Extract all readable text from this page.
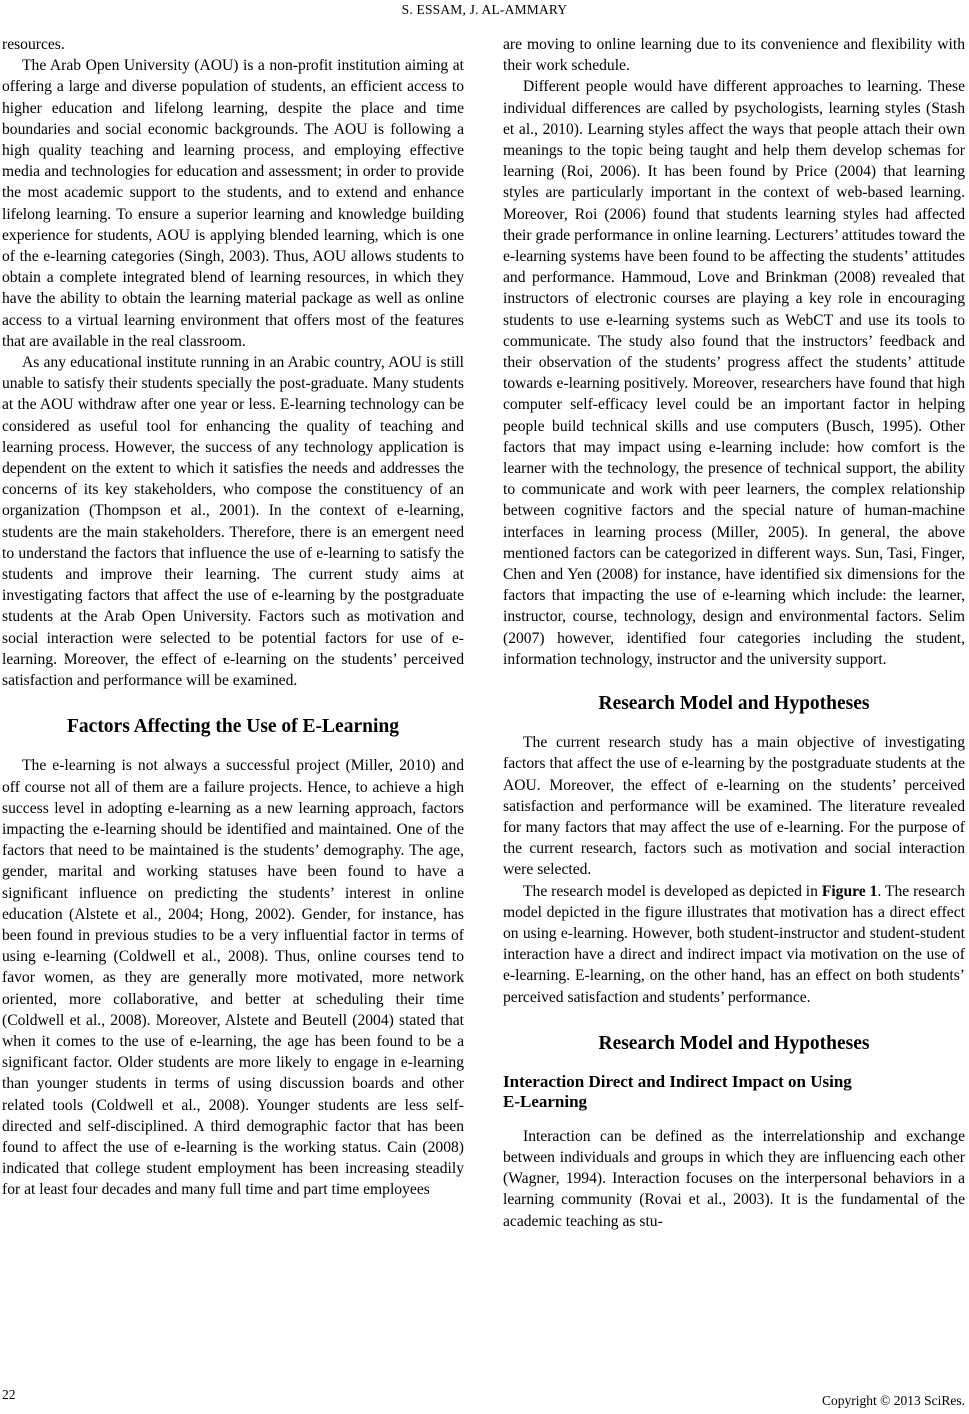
S. ESSAM, J. AL-AMMARY

resources.

The Arab Open University (AOU) is a non-profit institution aiming at offering a large and diverse population of students, an efficient access to higher education and lifelong learning, despite the place and time boundaries and social economic backgrounds. The AOU is following a high quality teaching and learning process, and employing effective media and technologies for education and assessment; in order to provide the most academic support to the students, and to extend and enhance lifelong learning. To ensure a superior learning and knowledge building experience for students, AOU is applying blended learning, which is one of the e-learning categories (Singh, 2003). Thus, AOU allows students to obtain a complete integrated blend of learning resources, in which they have the ability to obtain the learning material package as well as online access to a virtual learning environment that offers most of the features that are available in the real classroom.

As any educational institute running in an Arabic country, AOU is still unable to satisfy their students specially the post-graduate. Many students at the AOU withdraw after one year or less. E-learning technology can be considered as useful tool for enhancing the quality of teaching and learning process. However, the success of any technology application is dependent on the extent to which it satisfies the needs and addresses the concerns of its key stakeholders, who compose the constituency of an organization (Thompson et al., 2001). In the context of e-learning, students are the main stakeholders. Therefore, there is an emergent need to understand the factors that influence the use of e-learning to satisfy the students and improve their learning. The current study aims at investigating factors that affect the use of e-learning by the postgraduate students at the Arab Open University. Factors such as motivation and social interaction were selected to be potential factors for use of e-learning. Moreover, the effect of e-learning on the students’ perceived satisfaction and performance will be examined.

Factors Affecting the Use of E-Learning

The e-learning is not always a successful project (Miller, 2010) and off course not all of them are a failure projects. Hence, to achieve a high success level in adopting e-learning as a new learning approach, factors impacting the e-learning should be identified and maintained. One of the factors that need to be maintained is the students’ demography. The age, gender, marital and working statuses have been found to have a significant influence on predicting the students’ interest in online education (Alstete et al., 2004; Hong, 2002). Gender, for instance, has been found in previous studies to be a very influential factor in terms of using e-learning (Coldwell et al., 2008). Thus, online courses tend to favor women, as they are generally more motivated, more network oriented, more collaborative, and better at scheduling their time (Coldwell et al., 2008). Moreover, Alstete and Beutell (2004) stated that when it comes to the use of e-learning, the age has been found to be a significant factor. Older students are more likely to engage in e-learning than younger students in terms of using discussion boards and other related tools (Coldwell et al., 2008). Younger students are less self-directed and self-disciplined. A third demographic factor that has been found to affect the use of e-learning is the working status. Cain (2008) indicated that college student employment has been increasing steadily for at least four decades and many full time and part time employees

are moving to online learning due to its convenience and flexibility with their work schedule.

Different people would have different approaches to learning. These individual differences are called by psychologists, learning styles (Stash et al., 2010). Learning styles affect the ways that people attach their own meanings to the topic being taught and help them develop schemas for learning (Roi, 2006). It has been found by Price (2004) that learning styles are particularly important in the context of web-based learning. Moreover, Roi (2006) found that students learning styles had affected their grade performance in online learning. Lecturers’ attitudes toward the e-learning systems have been found to be affecting the students’ attitudes and performance. Hammoud, Love and Brinkman (2008) revealed that instructors of electronic courses are playing a key role in encouraging students to use e-learning systems such as WebCT and use its tools to communicate. The study also found that the instructors’ feedback and their observation of the students’ progress affect the students’ attitude towards e-learning positively. Moreover, researchers have found that high computer self-efficacy level could be an important factor in helping people build technical skills and use computers (Busch, 1995). Other factors that may impact using e-learning include: how comfort is the learner with the technology, the presence of technical support, the ability to communicate and work with peer learners, the complex relationship between cognitive factors and the special nature of human-machine interfaces in learning process (Miller, 2005). In general, the above mentioned factors can be categorized in different ways. Sun, Tasi, Finger, Chen and Yen (2008) for instance, have identified six dimensions for the factors that impacting the use of e-learning which include: the learner, instructor, course, technology, design and environmental factors. Selim (2007) however, identified four categories including the student, information technology, instructor and the university support.

Research Model and Hypotheses

The current research study has a main objective of investigating factors that affect the use of e-learning by the postgraduate students at the AOU. Moreover, the effect of e-learning on the students’ perceived satisfaction and performance will be examined. The literature revealed for many factors that may affect the use of e-learning. For the purpose of the current research, factors such as motivation and social interaction were selected.

The research model is developed as depicted in Figure 1. The research model depicted in the figure illustrates that motivation has a direct effect on using e-learning. However, both student-instructor and student-student interaction have a direct and indirect impact via motivation on the use of e-learning. E-learning, on the other hand, has an effect on both students’ perceived satisfaction and students’ performance.

Research Model and Hypotheses
Interaction Direct and Indirect Impact on Using
E-Learning

Interaction can be defined as the interrelationship and exchange between individuals and groups in which they are influencing each other (Wagner, 1994). Interaction focuses on the interpersonal behaviors in a learning community (Rovai et al., 2003). It is the fundamental of the academic teaching as stu-

22	Copyright © 2013 SciRes.
